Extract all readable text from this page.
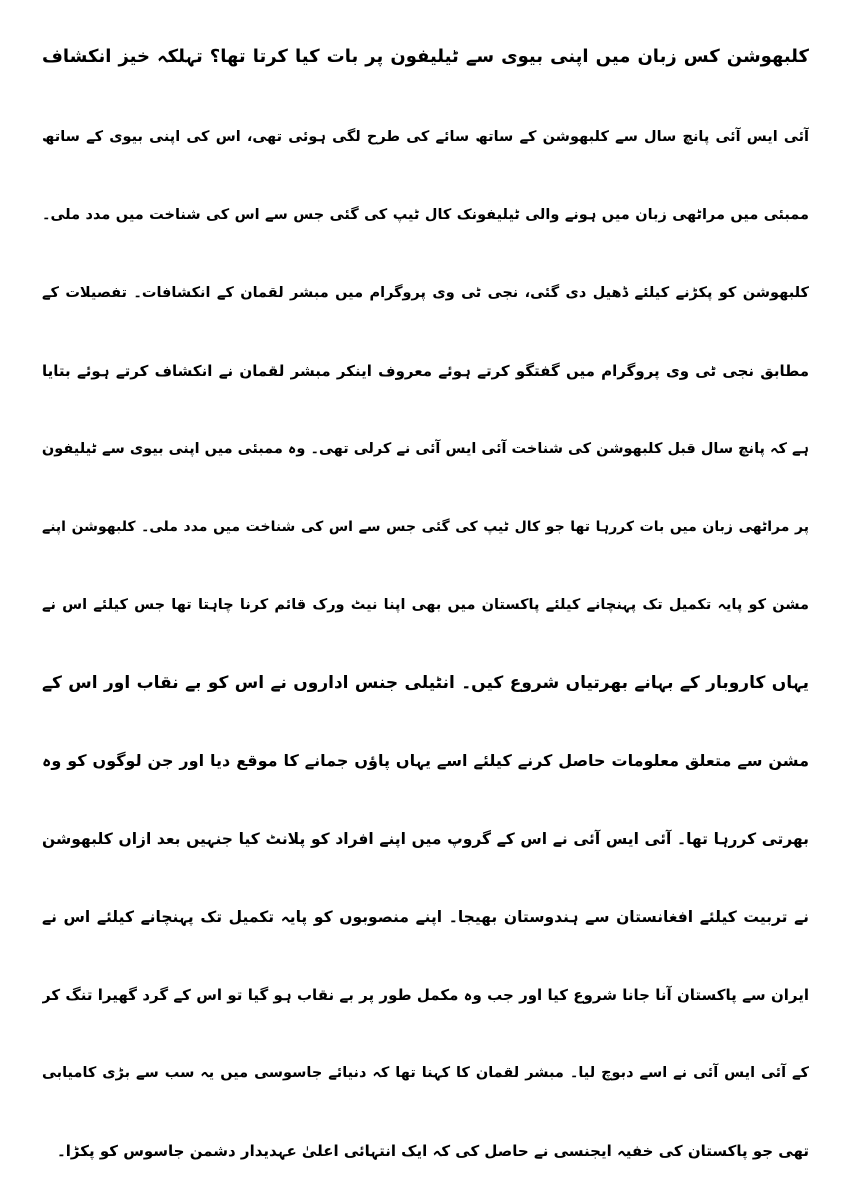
کلبھوشن کس زبان میں اپنی بیوی سے ٹیلیفون پر بات کیا کرتا تھا؟ تہلکہ خیز انکشاف
آئی ایس آئی پانچ سال سے کلبھوشن کے ساتھ سائے کی طرح لگی ہوئی تھی، اس کی اپنی بیوی کے ساتھ
ممبئی میں مراٹھی زبان میں ہونے والی ٹیلیفونک کال ٹیپ کی گئی جس سے اس کی شناخت میں مدد ملی۔
کلبھوشن کو پکڑنے کیلئے ڈھیل دی گئی، نجی ٹی وی پروگرام میں مبشر لقمان کے انکشافات۔ تفصیلات کے
مطابق نجی ٹی وی پروگرام میں گفتگو کرتے ہوئے معروف اینکر مبشر لقمان نے انکشاف کرتے ہوئے بتایا
ہے کہ پانچ سال قبل کلبھوشن کی شناخت آئی ایس آئی نے کرلی تھی۔ وہ ممبئی میں اپنی بیوی سے ٹیلیفون
پر مراٹھی زبان میں بات کررہا تھا جو کال ٹیپ کی گئی جس سے اس کی شناخت میں مدد ملی۔ کلبھوشن اپنے
مشن کو پایہ تکمیل تک پہنچانے کیلئے پاکستان میں بھی اپنا نیٹ ورک قائم کرنا چاہتا تھا جس کیلئے اس نے
یہاں کاروبار کے بہانے بھرتیاں شروع کیں۔ انٹیلی جنس اداروں نے اس کو بے نقاب اور اس کے
مشن سے متعلق معلومات حاصل کرنے کیلئے اسے یہاں پاؤں جمانے کا موقع دیا اور جن لوگوں کو وہ
بھرتی کررہا تھا۔ آئی ایس آئی نے اس کے گروپ میں اپنے افراد کو پلانٹ کیا جنہیں بعد ازاں کلبھوشن
نے تربیت کیلئے افغانستان سے ہندوستان بھیجا۔ اپنے منصوبوں کو پایہ تکمیل تک پہنچانے کیلئے اس نے
ایران سے پاکستان آنا جانا شروع کیا اور جب وہ مکمل طور پر بے نقاب ہو گیا تو اس کے گرد گھیرا تنگ کر
کے آئی ایس آئی نے اسے دبوچ لیا۔ مبشر لقمان کا کہنا تھا کہ دنیائے جاسوسی میں یہ سب سے بڑی کامیابی
تھی جو پاکستان کی خفیہ ایجنسی نے حاصل کی کہ ایک انتہائی اعلیٰ عہدیدار دشمن جاسوس کو پکڑا۔
